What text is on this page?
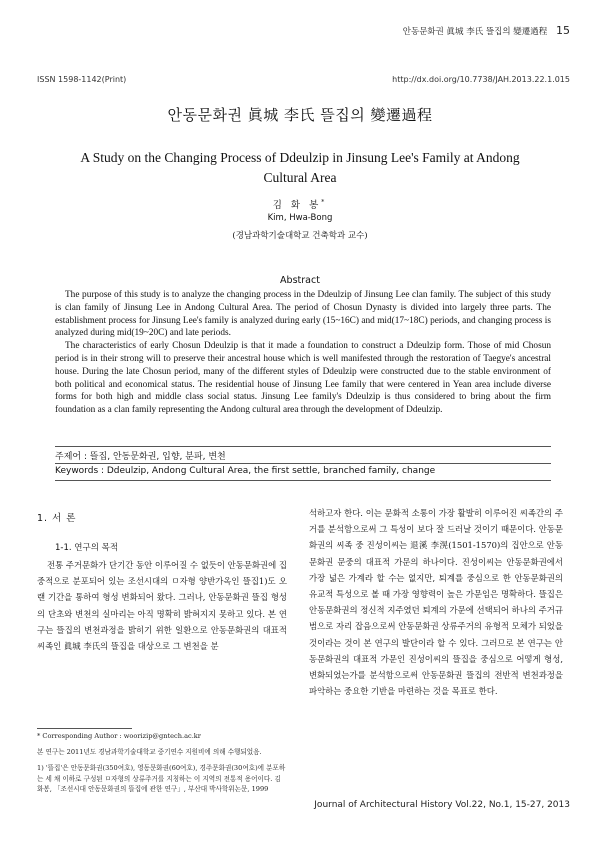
안동문화권 眞城 李氏 뜰집의 變遷過程 15
ISSN 1598-1142(Print)	http://dx.doi.org/10.7738/JAH.2013.22.1.015
안동문화권 眞城 李氏 뜰집의 變遷過程
A Study on the Changing Process of Ddeulzip in Jinsung Lee's Family at Andong Cultural Area
김 화 봉*
Kim, Hwa-Bong
(경남과학기술대학교 건축학과 교수)
Abstract

The purpose of this study is to analyze the changing process in the Ddeulzip of Jinsung Lee clan family. The subject of this study is clan family of Jinsung Lee in Andong Cultural Area. The period of Chosun Dynasty is divided into largely three parts. The establishment process for Jinsung Lee's family is analyzed during early (15~16C) and mid(17~18C) periods, and changing process is analyzed during mid(19~20C) and late periods.

The characteristics of early Chosun Ddeulzip is that it made a foundation to construct a Ddeulzip form. Those of mid Chosun period is in their strong will to preserve their ancestral house which is well manifested through the restoration of Taegye's ancestral house. During the late Chosun period, many of the different styles of Ddeulzip were constructed due to the stable environment of both political and economical status. The residential house of Jinsung Lee family that were centered in Yean area include diverse forms for both high and middle class social status. Jinsung Lee family's Ddeulzip is thus considered to bring about the firm foundation as a clan family representing the Andong cultural area through the development of Ddeulzip.

주제어 : 뜰집, 안동문화권, 입향, 분파, 변천
Keywords : Ddeulzip, Andong Cultural Area, the first settle, branched family, change
1. 서 론
1-1. 연구의 목적

전통 주거문화가 단기간 동안 이루어질 수 없듯이 안동문화권에 집중적으로 분포되어 있는 조선시대의 ㅁ자형 양반가옥인 뜰집1)도 오랜 기간을 통하여 형성 변화되어 왔다. 그러나, 안동문화권 뜰집 형성의 단초와 변천의 실마리는 아직 명확히 밝혀지지 못하고 있다. 본 연구는 뜰집의 변천과정을 밝히기 위한 일환으로 안동문화권의 대표적 씨족인 眞城 李氏의 뜰집을 대상으로 그 변천을 분

석하고자 한다. 이는 문화적 소통이 가장 활발히 이루어진 씨족간의 주거를 분석함으로써 그 특성이 보다 잘 드러날 것이기 때문이다. 안동문화권의 씨족 중 진성이씨는 退溪 李滉(1501-1570)의 집안으로 안동문화권 문중의 대표적 가문의 하나이다. 진성이씨는 안동문화권에서 가장 넓은 가계라 할 수는 없지만, 퇴계를 중심으로 한 안동문화권의 유교적 특성으로 볼 때 가장 영향력이 높은 가문임은 명확하다. 뜰집은 안동문화권의 정신적 지주였던 퇴계의 가문에 선택되어 하나의 주거규범으로 자리 잡음으로써 안동문화권 상류주거의 유형적 모체가 되었을 것이라는 것이 본 연구의 발단이라 할 수 있다. 그러므로 본 연구는 안동문화권의 대표적 가문인 진성이씨의 뜰집을 중심으로 어떻게 형성, 변화되었는가를 분석함으로써 안동문화권 뜰집의 전반적 변천과정을 파악하는 중요한 기반을 마련하는 것을 목표로 한다.

* Corresponding Author : woorizip@gntech.ac.kr

본 연구는 2011년도 경남과학기술대학교 중기연수 지원비에 의해 수행되었음.

1) '뜰집'은 안동문화권(350여호), 영동문화권(60여호), 경주문화권(30여호)에 분포하는 세 채 이하로 구성된 ㅁ자형의 상류주거를 지칭하는 이 지역의 전통적 용어이다. 김화봉, 「조선시대 안동문화권의 뜰집에 관한 연구」, 부산대 박사학위논문, 1999

Journal of Architectural History Vol.22, No.1, 15-27, 2013
